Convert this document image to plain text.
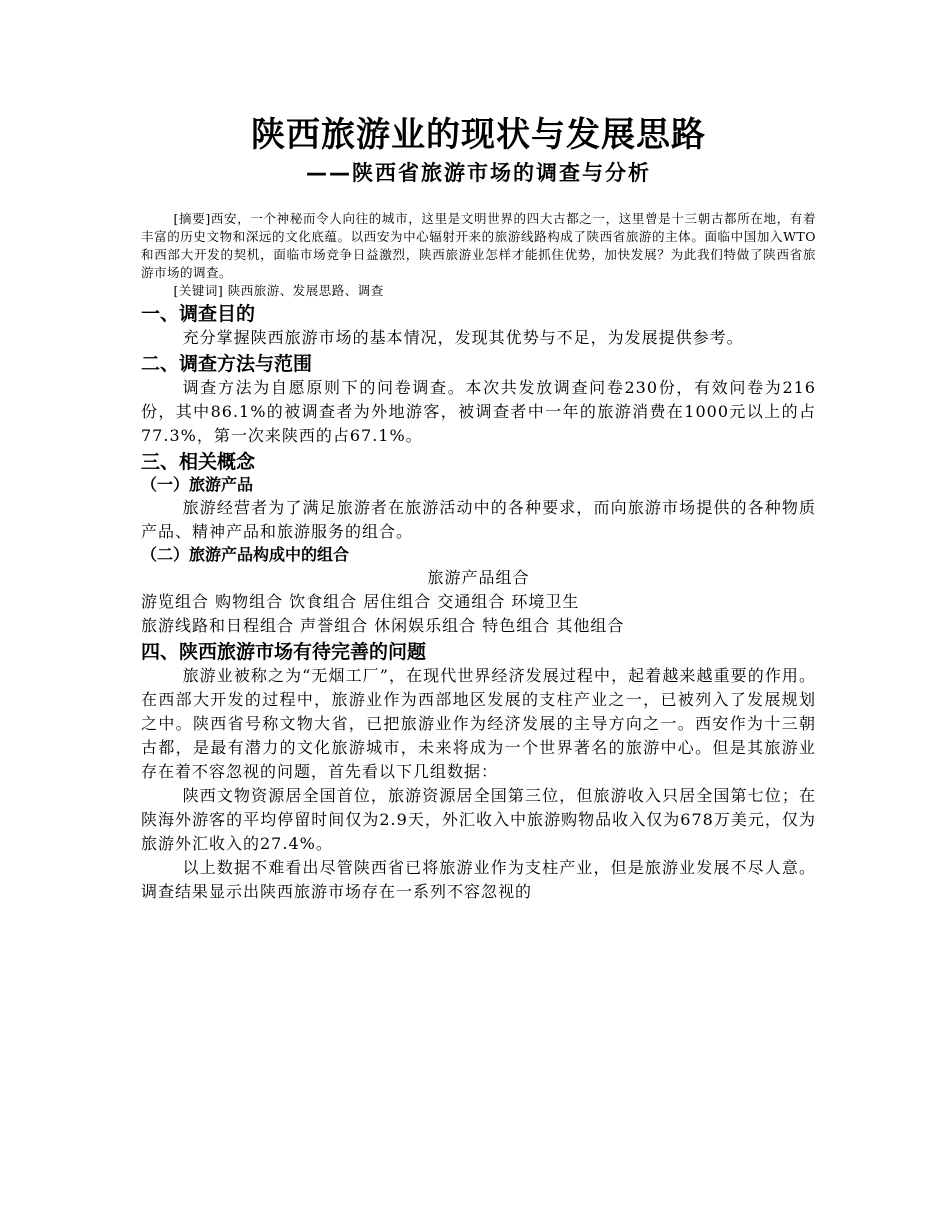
陕西旅游业的现状与发展思路
——陕西省旅游市场的调查与分析

[摘要]西安，一个神秘而令人向往的城市，这里是文明世界的四大古都之一，这里曾是十三朝古都所在地，有着丰富的历史文物和深远的文化底蕴。以西安为中心辐射开来的旅游线路构成了陕西省旅游的主体。面临中国加入WTO和西部大开发的契机，面临市场竞争日益激烈，陕西旅游业怎样才能抓住优势，加快发展？为此我们特做了陕西省旅游市场的调查。

[关键词] 陕西旅游、发展思路、调查

一、调查目的

充分掌握陕西旅游市场的基本情况，发现其优势与不足，为发展提供参考。

二、调查方法与范围

调查方法为自愿原则下的问卷调查。本次共发放调查问卷230份，有效问卷为216份，其中86.1%的被调查者为外地游客，被调查者中一年的旅游消费在1000元以上的占77.3%，第一次来陕西的占67.1%。

三、相关概念
（一）旅游产品

旅游经营者为了满足旅游者在旅游活动中的各种要求，而向旅游市场提供的各种物质产品、精神产品和旅游服务的组合。

（二）旅游产品构成中的组合
旅游产品组合
游览组合 购物组合 饮食组合 居住组合 交通组合 环境卫生
旅游线路和日程组合 声誉组合 休闲娱乐组合 特色组合 其他组合
四、陕西旅游市场有待完善的问题

旅游业被称之为“无烟工厂”，在现代世界经济发展过程中，起着越来越重要的作用。在西部大开发的过程中，旅游业作为西部地区发展的支柱产业之一，已被列入了发展规划之中。陕西省号称文物大省，已把旅游业作为经济发展的主导方向之一。西安作为十三朝古都，是最有潜力的文化旅游城市，未来将成为一个世界著名的旅游中心。但是其旅游业存在着不容忽视的问题，首先看以下几组数据：

陕西文物资源居全国首位，旅游资源居全国第三位，但旅游收入只居全国第七位；在陕海外游客的平均停留时间仅为2.9天，外汇收入中旅游购物品收入仅为678万美元，仅为旅游外汇收入的27.4%。

以上数据不难看出尽管陕西省已将旅游业作为支柱产业，但是旅游业发展不尽人意。调查结果显示出陕西旅游市场存在一系列不容忽视的
